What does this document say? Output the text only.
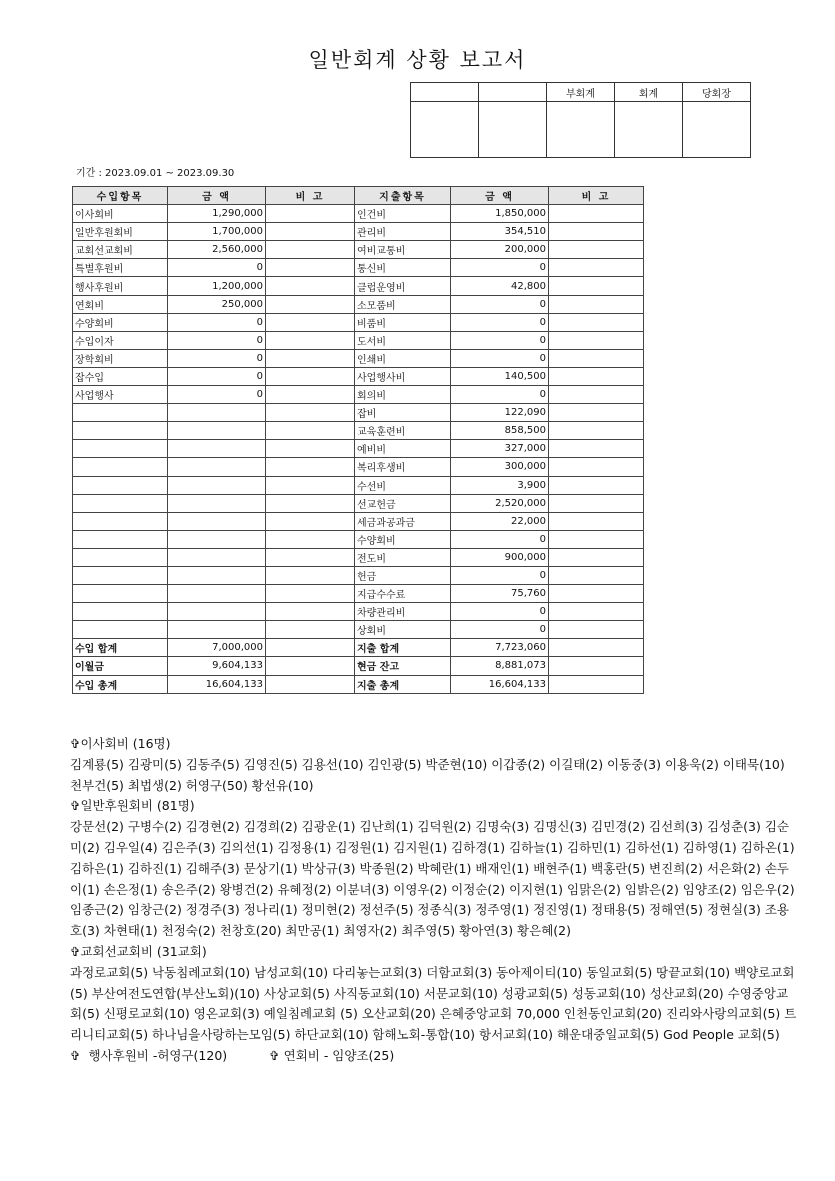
일반회계 상황 보고서
		부회계	회계	당회장

기간 : 2023.09.01 ~ 2023.09.30
수입항목	금 액	비 고	지출항목	금 액	비 고
이사회비	1,290,000		인건비	1,850,000	
일반후원회비	1,700,000		관리비	354,510	
교회선교회비	2,560,000		여비교통비	200,000	
특별후원비	0		통신비	0	
행사후원비	1,200,000		클럽운영비	42,800	
연회비	250,000		소모품비	0	
수양회비	0		비품비	0	
수입이자	0		도서비	0	
장학회비	0		인쇄비	0	
잡수입	0		사업행사비	140,500	
사업행사	0		회의비	0	
			잡비	122,090	
			교육훈련비	858,500	
			예비비	327,000	
			복리후생비	300,000	
			수선비	3,900	
			선교헌금	2,520,000	
			세금과공과금	22,000	
			수양회비	0	
			전도비	900,000	
			헌금	0	
			지급수수료	75,760	
			차량관리비	0	
			상회비	0	
수입 합계	7,000,000		지출 합계	7,723,060	
이월금	9,604,133		현금 잔고	8,881,073	
수입 총계	16,604,133		지출 총계	16,604,133	
✞이사회비 (16명)
김계룡(5) 김광미(5) 김동주(5) 김영진(5) 김용선(10) 김인광(5) 박준현(10) 이갑종(2) 이길태(2) 이동중(3) 이용욱(2) 이태묵(10) 천부건(5) 최법생(2) 허영구(50) 황선유(10)
✞일반후원회비 (81명)
강문선(2) 구병수(2) 김경현(2) 김경희(2) 김광운(1) 김난희(1) 김덕원(2) 김명숙(3) 김명신(3) 김민경(2) 김선희(3) 김성춘(3) 김순미(2) 김우일(4) 김은주(3) 김의선(1) 김정용(1) 김정원(1) 김지원(1) 김하경(1) 김하늘(1) 김하민(1) 김하선(1) 김하영(1) 김하온(1) 김하은(1) 김하진(1) 김해주(3) 문상기(1) 박상규(3) 박종원(2) 박혜란(1) 배재인(1) 배현주(1) 백홍란(5) 변진희(2) 서은화(2) 손두이(1) 손은정(1) 송은주(2) 왕병건(2) 유혜정(2) 이분녀(3) 이영우(2) 이정순(2) 이지현(1) 임맑은(2) 임밝은(2) 임양조(2) 임은우(2) 임종근(2) 임창근(2) 정경주(3) 정나리(1) 정미현(2) 정선주(5) 정종식(3) 정주영(1) 정진영(1) 정태용(5) 정해연(5) 정현실(3) 조용호(3) 차현태(1) 천정숙(2) 천창호(20) 최만공(1) 최영자(2) 최주영(5) 황아연(3) 황은혜(2)
✞교회선교회비 (31교회)
과정로교회(5) 낙동침례교회(10) 남성교회(10) 다리놓는교회(3) 더함교회(3) 동아제이티(10) 동일교회(5) 땅끝교회(10) 백양로교회(5) 부산여전도연합(부산노회)(10) 사상교회(5) 사직동교회(10) 서문교회(10) 성광교회(5) 성동교회(10) 성산교회(20) 수영중앙교회(5) 신평로교회(10) 영온교회(3) 예일침례교회 (5) 오산교회(20) 은혜중앙교회 70,000 인천동인교회(20) 진리와사랑의교회(5) 트리니티교회(5) 하나님을사랑하는모임(5) 하단교회(10) 함해노회-통합(10) 항서교회(10) 해운대중일교회(5) God People 교회(5)
✞ 행사후원비 -허영구(120)	✞ 연회비 - 임양조(25)
